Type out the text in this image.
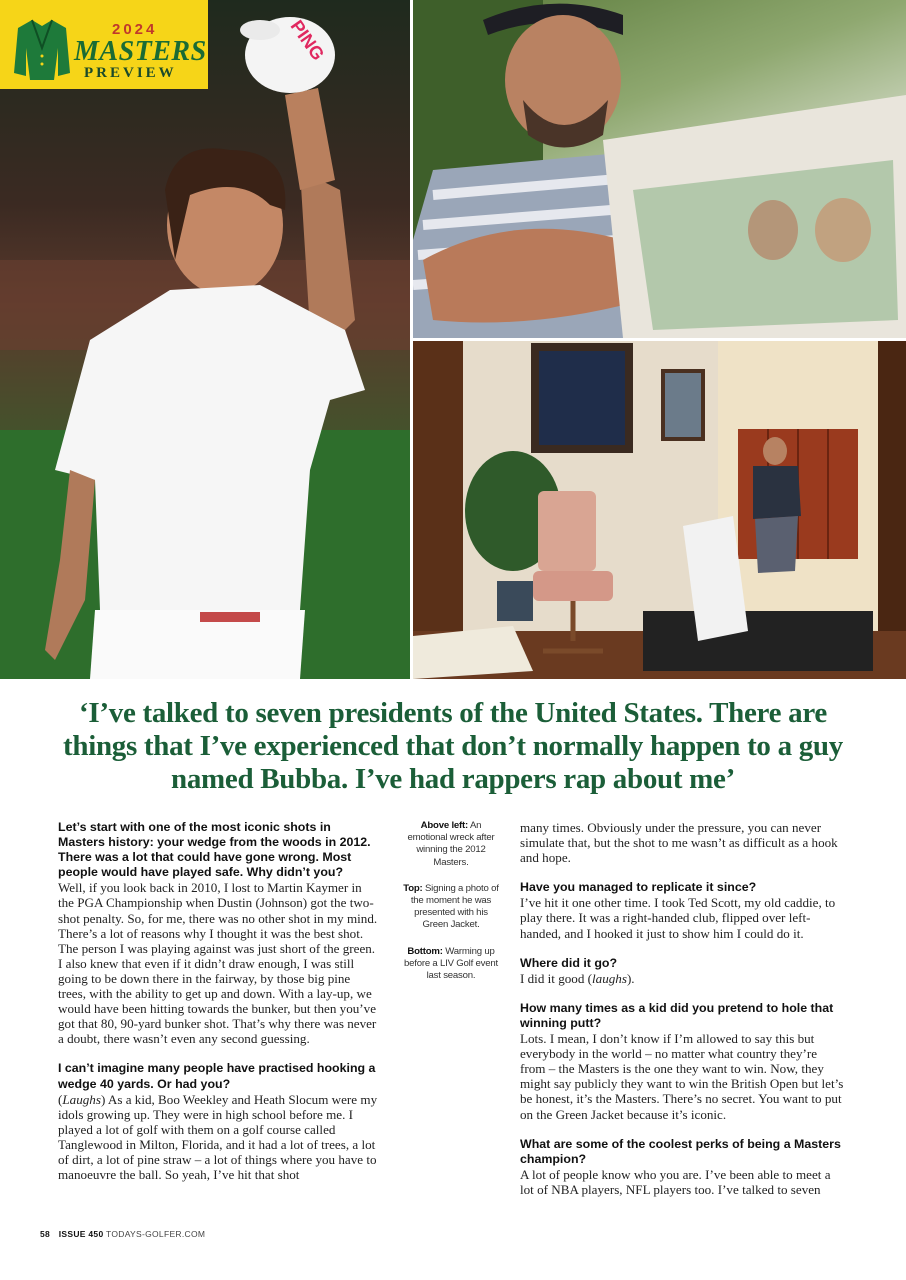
PING
2024
MASTERS
PREVIEW
‘I’ve talked to seven presidents of the United States. There are things that I’ve experienced that don’t normally happen to a guy named Bubba. I’ve had rappers rap about me’
Let’s start with one of the most iconic shots in Masters history: your wedge from the woods in 2012. There was a lot that could have gone wrong. Most people would have played safe. Why didn’t you?
Well, if you look back in 2010, I lost to Martin Kaymer in the PGA Championship when Dustin (Johnson) got the two-shot penalty. So, for me, there was no other shot in my mind. There’s a lot of reasons why I thought it was the best shot. The person I was playing against was just short of the green. I also knew that even if it didn’t draw enough, I was still going to be down there in the fairway, by those big pine trees, with the ability to get up and down. With a lay-up, we would have been hitting towards the bunker, but then you’ve got that 80, 90-yard bunker shot. That’s why there was never a doubt, there wasn’t even any second guessing.
I can’t imagine many people have practised hooking a wedge 40 yards. Or had you?
(Laughs) As a kid, Boo Weekley and Heath Slocum were my idols growing up. They were in high school before me. I played a lot of golf with them on a golf course called Tanglewood in Milton, Florida, and it had a lot of trees, a lot of dirt, a lot of pine straw – a lot of things where you have to manoeuvre the ball. So yeah, I’ve hit that shot
Above left: An emotional wreck after winning the 2012 Masters.
Top: Signing a photo of the moment he was presented with his Green Jacket.
Bottom: Warming up before a LIV Golf event last season.
many times. Obviously under the pressure, you can never simulate that, but the shot to me wasn’t as difficult as a hook and hope.
Have you managed to replicate it since?
I’ve hit it one other time. I took Ted Scott, my old caddie, to play there. It was a right-handed club, flipped over left-handed, and I hooked it just to show him I could do it.
Where did it go?
I did it good (laughs).
How many times as a kid did you pretend to hole that winning putt?
Lots. I mean, I don’t know if I’m allowed to say this but everybody in the world – no matter what country they’re from – the Masters is the one they want to win. Now, they might say publicly they want to win the British Open but let’s be honest, it’s the Masters. There’s no secret. You want to put on the Green Jacket because it’s iconic.
What are some of the coolest perks of being a Masters champion?
A lot of people know who you are. I’ve been able to meet a lot of NBA players, NFL players too. I’ve talked to seven
58 ISSUE 450 TODAYS-GOLFER.COM
